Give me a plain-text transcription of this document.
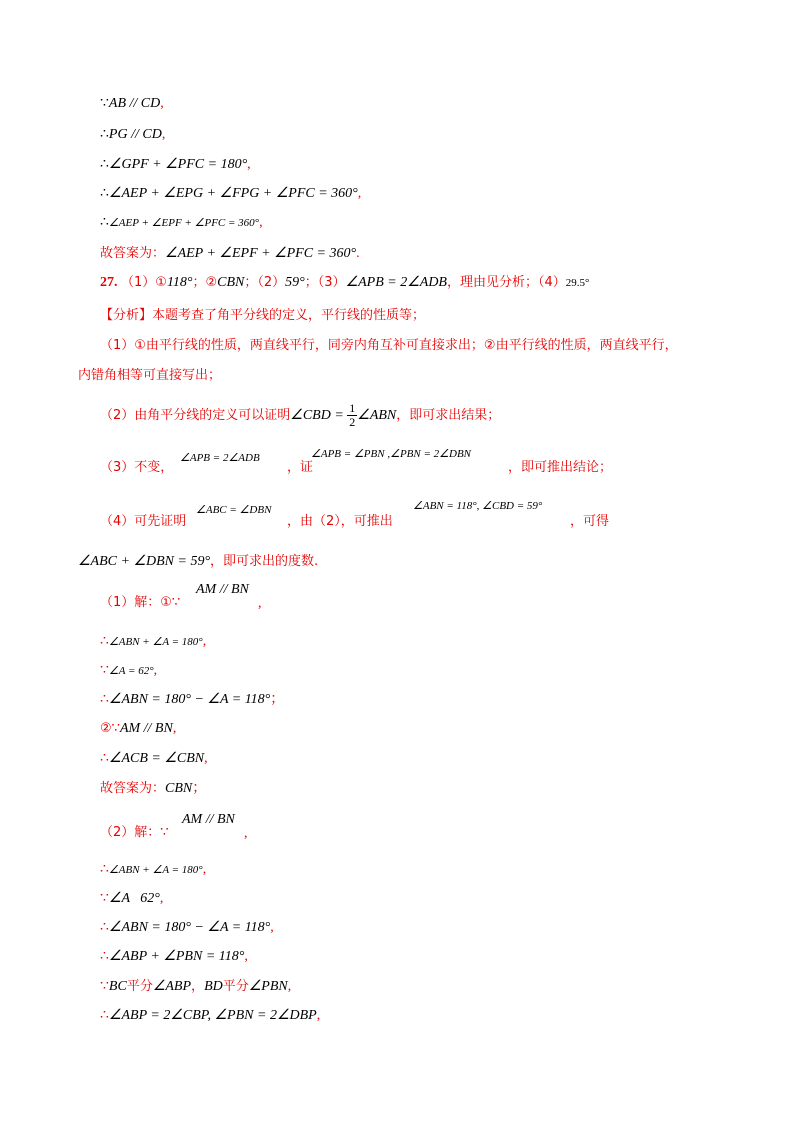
∵AB // CD,
∴PG // CD,
∴∠GPF + ∠PFC = 180°,
∴∠AEP + ∠EPG + ∠FPG + ∠PFC = 360°,
∴∠AEP + ∠EPF + ∠PFC = 360°,
故答案为：∠AEP + ∠EPF + ∠PFC = 360°.
27. （1）①118°；②CBN；（2）59°；（3）∠APB = 2∠ADB，理由见分析；（4）29.5°
【分析】本题考查了角平分线的定义，平行线的性质等；
（1）①由平行线的性质，两直线平行，同旁内角互补可直接求出；②由平行线的性质，两直线平行，
内错角相等可直接写出；
（2）由角平分线的定义可以证明∠CBD = $\frac{1}{2}$ ∠ABN，即可求出结果；
（3）不变，
∠APB = 2∠ADB
，证
∠APB = ∠PBN ,∠PBN = 2∠DBN
，即可推出结论；
（4）可先证明
∠ABC = ∠DBN
，由（2），可推出
∠ABN = 118°, ∠CBD = 59°
，可得
∠ABC + ∠DBN = 59°，即可求出的度数.
（1）解：①∵
AM // BN
,
∴∠ABN + ∠A = 180°,
∵∠A = 62°,
∴∠ABN = 180° − ∠A = 118°；
②∵AM // BN,
∴∠ACB = ∠CBN,
故答案为：CBN；
（2）解：∵
AM // BN
,
∴∠ABN + ∠A = 180°,
∵∠A   62°,
∴∠ABN = 180° − ∠A = 118°,
∴∠ABP + ∠PBN = 118°,
∵BC平分∠ABP，BD平分∠PBN,
∴∠ABP = 2∠CBP, ∠PBN = 2∠DBP,
